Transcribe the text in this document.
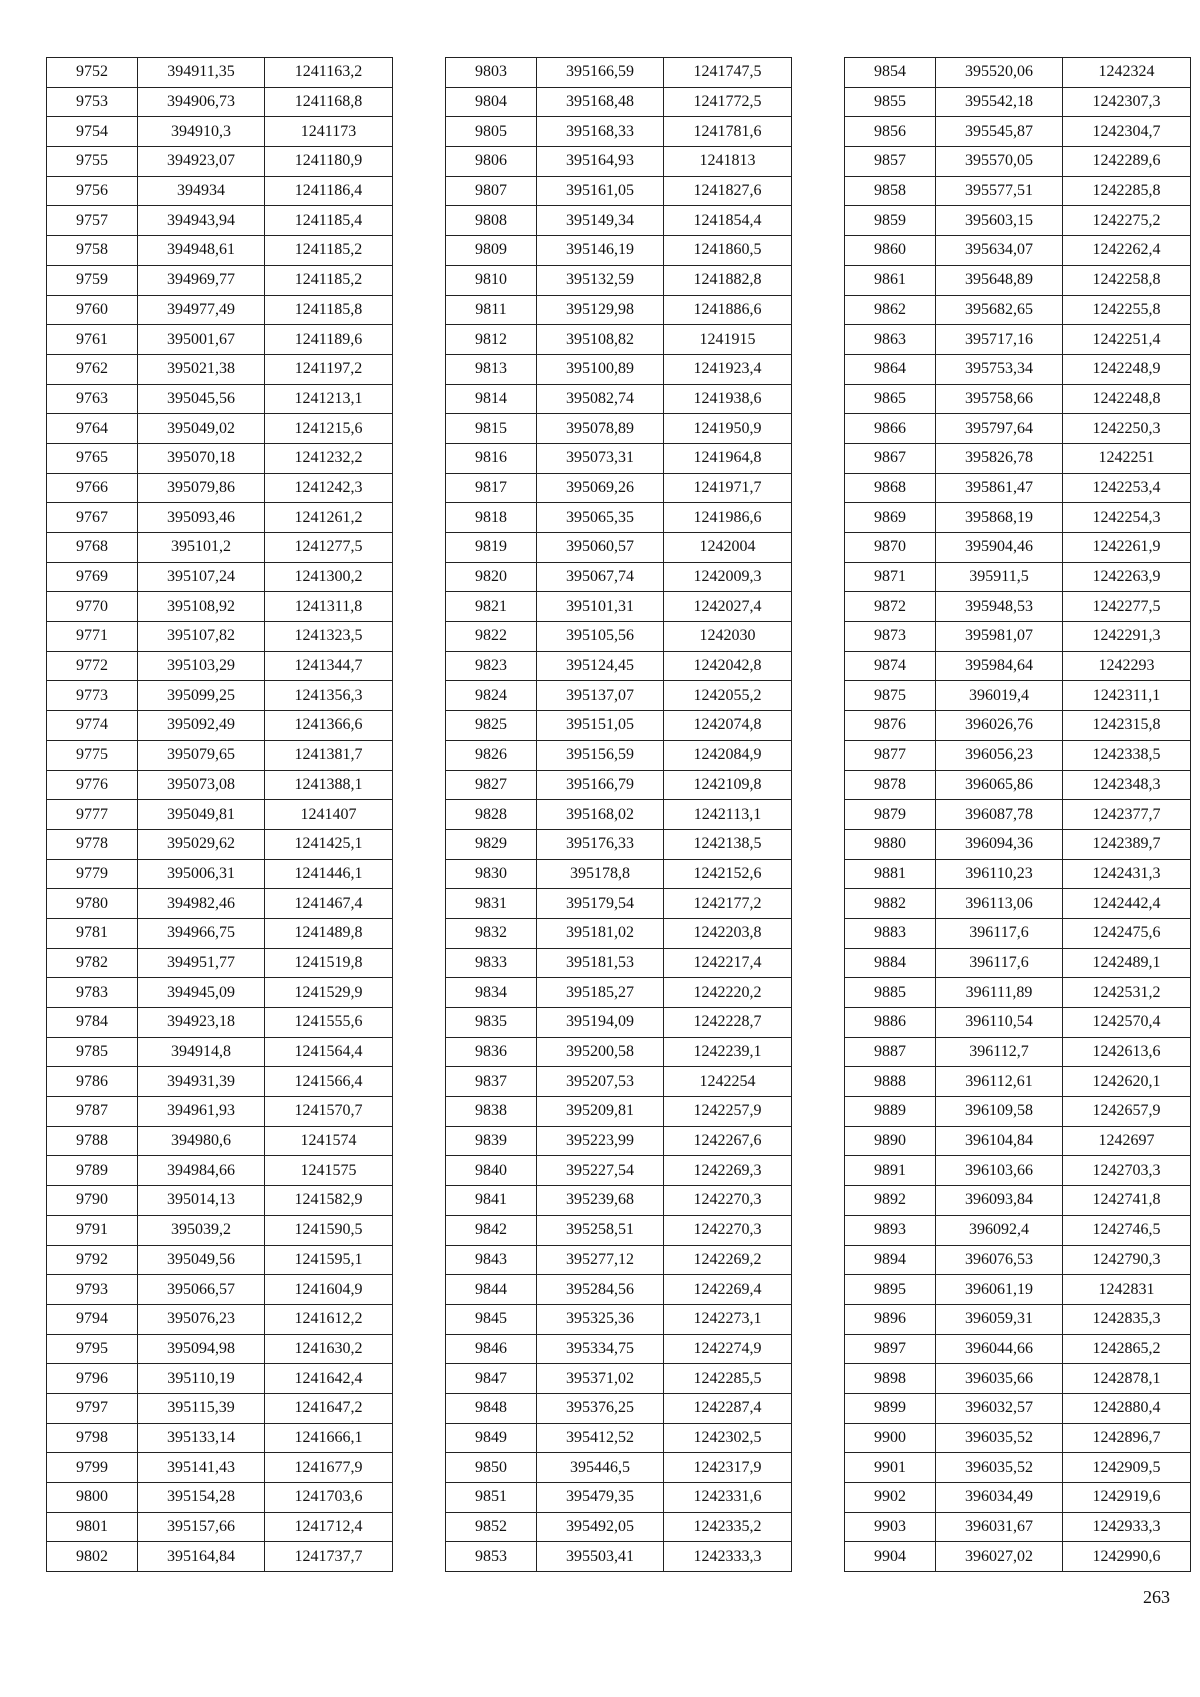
9752	394911,35	1241163,2
9753	394906,73	1241168,8
9754	394910,3	1241173
9755	394923,07	1241180,9
9756	394934	1241186,4
9757	394943,94	1241185,4
9758	394948,61	1241185,2
9759	394969,77	1241185,2
9760	394977,49	1241185,8
9761	395001,67	1241189,6
9762	395021,38	1241197,2
9763	395045,56	1241213,1
9764	395049,02	1241215,6
9765	395070,18	1241232,2
9766	395079,86	1241242,3
9767	395093,46	1241261,2
9768	395101,2	1241277,5
9769	395107,24	1241300,2
9770	395108,92	1241311,8
9771	395107,82	1241323,5
9772	395103,29	1241344,7
9773	395099,25	1241356,3
9774	395092,49	1241366,6
9775	395079,65	1241381,7
9776	395073,08	1241388,1
9777	395049,81	1241407
9778	395029,62	1241425,1
9779	395006,31	1241446,1
9780	394982,46	1241467,4
9781	394966,75	1241489,8
9782	394951,77	1241519,8
9783	394945,09	1241529,9
9784	394923,18	1241555,6
9785	394914,8	1241564,4
9786	394931,39	1241566,4
9787	394961,93	1241570,7
9788	394980,6	1241574
9789	394984,66	1241575
9790	395014,13	1241582,9
9791	395039,2	1241590,5
9792	395049,56	1241595,1
9793	395066,57	1241604,9
9794	395076,23	1241612,2
9795	395094,98	1241630,2
9796	395110,19	1241642,4
9797	395115,39	1241647,2
9798	395133,14	1241666,1
9799	395141,43	1241677,9
9800	395154,28	1241703,6
9801	395157,66	1241712,4
9802	395164,84	1241737,7
9803	395166,59	1241747,5
9804	395168,48	1241772,5
9805	395168,33	1241781,6
9806	395164,93	1241813
9807	395161,05	1241827,6
9808	395149,34	1241854,4
9809	395146,19	1241860,5
9810	395132,59	1241882,8
9811	395129,98	1241886,6
9812	395108,82	1241915
9813	395100,89	1241923,4
9814	395082,74	1241938,6
9815	395078,89	1241950,9
9816	395073,31	1241964,8
9817	395069,26	1241971,7
9818	395065,35	1241986,6
9819	395060,57	1242004
9820	395067,74	1242009,3
9821	395101,31	1242027,4
9822	395105,56	1242030
9823	395124,45	1242042,8
9824	395137,07	1242055,2
9825	395151,05	1242074,8
9826	395156,59	1242084,9
9827	395166,79	1242109,8
9828	395168,02	1242113,1
9829	395176,33	1242138,5
9830	395178,8	1242152,6
9831	395179,54	1242177,2
9832	395181,02	1242203,8
9833	395181,53	1242217,4
9834	395185,27	1242220,2
9835	395194,09	1242228,7
9836	395200,58	1242239,1
9837	395207,53	1242254
9838	395209,81	1242257,9
9839	395223,99	1242267,6
9840	395227,54	1242269,3
9841	395239,68	1242270,3
9842	395258,51	1242270,3
9843	395277,12	1242269,2
9844	395284,56	1242269,4
9845	395325,36	1242273,1
9846	395334,75	1242274,9
9847	395371,02	1242285,5
9848	395376,25	1242287,4
9849	395412,52	1242302,5
9850	395446,5	1242317,9
9851	395479,35	1242331,6
9852	395492,05	1242335,2
9853	395503,41	1242333,3
9854	395520,06	1242324
9855	395542,18	1242307,3
9856	395545,87	1242304,7
9857	395570,05	1242289,6
9858	395577,51	1242285,8
9859	395603,15	1242275,2
9860	395634,07	1242262,4
9861	395648,89	1242258,8
9862	395682,65	1242255,8
9863	395717,16	1242251,4
9864	395753,34	1242248,9
9865	395758,66	1242248,8
9866	395797,64	1242250,3
9867	395826,78	1242251
9868	395861,47	1242253,4
9869	395868,19	1242254,3
9870	395904,46	1242261,9
9871	395911,5	1242263,9
9872	395948,53	1242277,5
9873	395981,07	1242291,3
9874	395984,64	1242293
9875	396019,4	1242311,1
9876	396026,76	1242315,8
9877	396056,23	1242338,5
9878	396065,86	1242348,3
9879	396087,78	1242377,7
9880	396094,36	1242389,7
9881	396110,23	1242431,3
9882	396113,06	1242442,4
9883	396117,6	1242475,6
9884	396117,6	1242489,1
9885	396111,89	1242531,2
9886	396110,54	1242570,4
9887	396112,7	1242613,6
9888	396112,61	1242620,1
9889	396109,58	1242657,9
9890	396104,84	1242697
9891	396103,66	1242703,3
9892	396093,84	1242741,8
9893	396092,4	1242746,5
9894	396076,53	1242790,3
9895	396061,19	1242831
9896	396059,31	1242835,3
9897	396044,66	1242865,2
9898	396035,66	1242878,1
9899	396032,57	1242880,4
9900	396035,52	1242896,7
9901	396035,52	1242909,5
9902	396034,49	1242919,6
9903	396031,67	1242933,3
9904	396027,02	1242990,6
263
